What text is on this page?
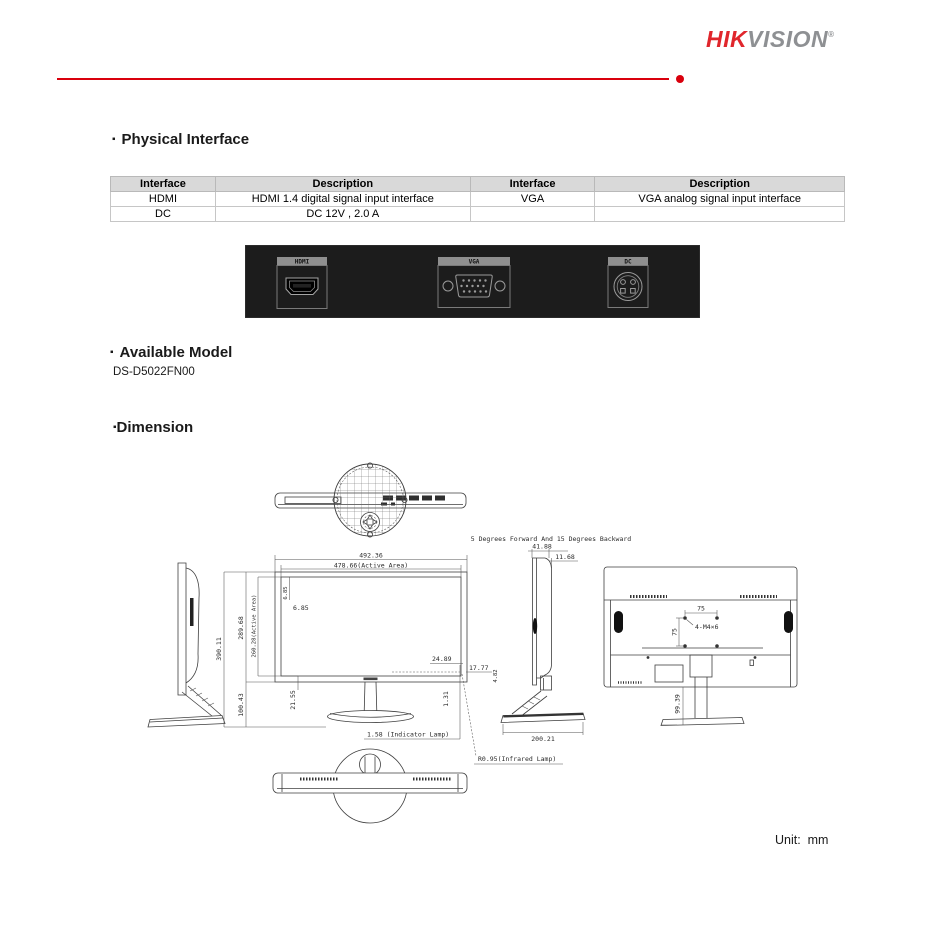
HIKVISION®
▪ Physical Interface
Interface	Description	Interface	Description
HDMI	HDMI 1.4 digital signal input interface	VGA	VGA analog signal input interface
DC	DC 12V , 2.0 A		
HDMI	VGA	DC
▪ Available Model
DS-D5022FN00
▪Dimension
492.36
478.66(Active Area)
390.11
289.68 260.28(Active Area)
100.43	21.55
6.85
6.85
24.89
17.77
4.82
1.31
1.58 (Indicator Lamp)
R0.95(Infrared Lamp)
5 Degrees Forward And 15 Degrees Backward
41.88
11.68
200.21
75
75
4-M4×6
99.39
Unit:  mm
